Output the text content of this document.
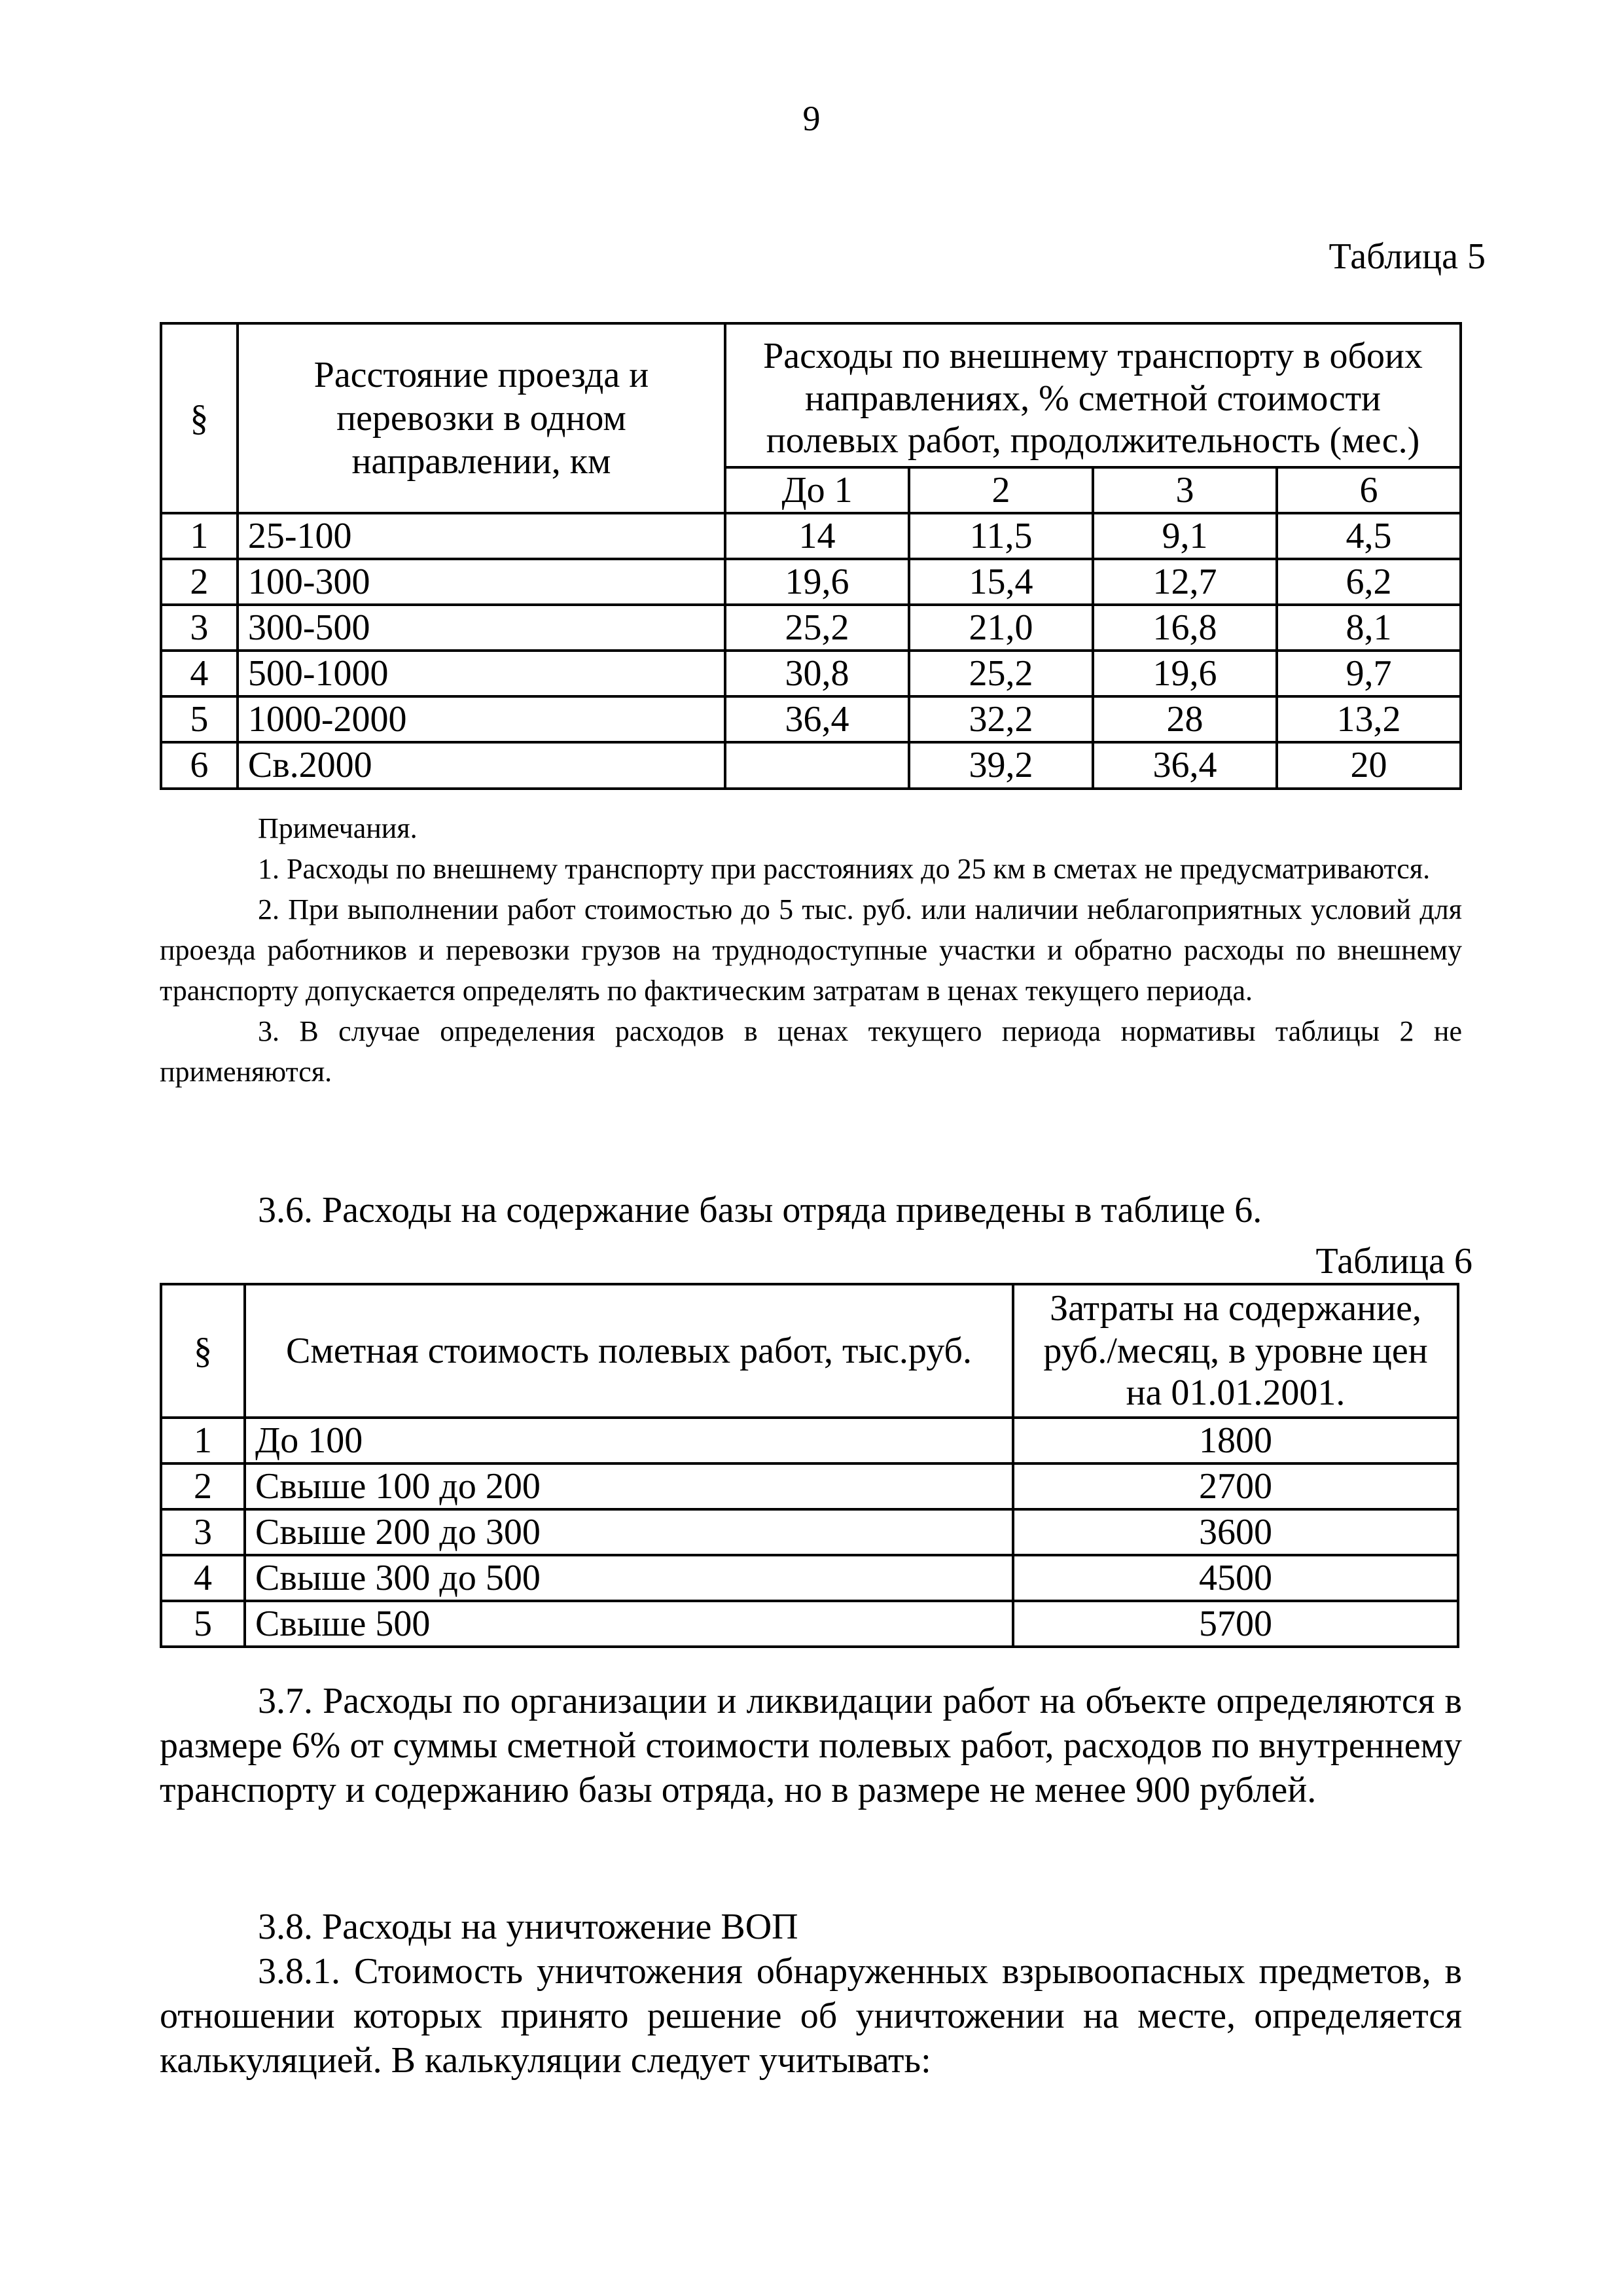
9
Таблица 5
§	Расстояние проезда и перевозки в одном направлении, км	Расходы по внешнему транспорту в обоих направлениях, % сметной стоимости полевых работ, продолжительность (мес.)			
		До 1	2	3	6
1	25-100	14	11,5	9,1	4,5
2	100-300	19,6	15,4	12,7	6,2
3	300-500	25,2	21,0	16,8	8,1
4	500-1000	30,8	25,2	19,6	9,7
5	1000-2000	36,4	32,2	28	13,2
6	Св.2000		39,2	36,4	20

Примечания.

1. Расходы по внешнему транспорту при расстояниях до 25 км в сметах не предусматриваются.

2. При выполнении работ стоимостью до 5 тыс. руб. или наличии неблагоприятных условий для проезда работников и перевозки грузов на труднодоступные участки и обратно расходы по внешнему транспорту допускается определять по фактическим затратам в ценах текущего периода.

3. В случае определения расходов в ценах текущего периода нормативы таблицы 2 не применяются.

3.6. Расходы на содержание базы отряда приведены в таблице 6.

Таблица 6
§	Сметная стоимость полевых работ, тыс.руб.	Затраты на содержание, руб./месяц, в уровне цен на 01.01.2001.
1	До 100	1800
2	Свыше 100 до 200	2700
3	Свыше 200 до 300	3600
4	Свыше 300 до 500	4500
5	Свыше 500	5700

3.7. Расходы по организации и ликвидации работ на объекте определяются в размере 6% от суммы сметной стоимости полевых работ, расходов по внутреннему транспорту и содержанию базы отряда, но в размере не менее 900 рублей.

3.8. Расходы на уничтожение ВОП

3.8.1. Стоимость уничтожения обнаруженных взрывоопасных предметов, в отношении которых принято решение об уничтожении на месте, определяется калькуляцией. В калькуляции следует учитывать:
